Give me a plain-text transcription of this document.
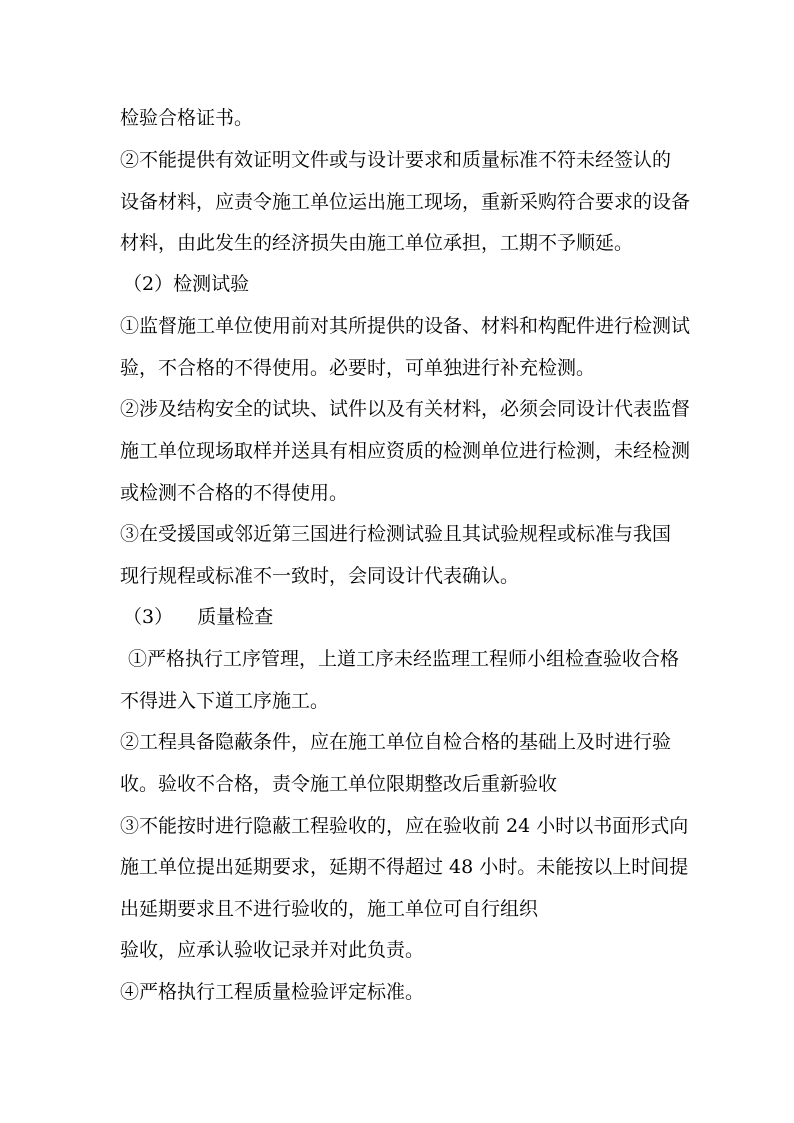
检验合格证书。
②不能提供有效证明文件或与设计要求和质量标准不符未经签认的
设备材料，应责令施工单位运出施工现场，重新采购符合要求的设备
材料，由此发生的经济损失由施工单位承担，工期不予顺延。
（2）检测试验
①监督施工单位使用前对其所提供的设备、材料和构配件进行检测试
验，不合格的不得使用。必要时，可单独进行补充检测。
②涉及结构安全的试块、试件以及有关材料，必须会同设计代表监督
施工单位现场取样并送具有相应资质的检测单位进行检测，未经检测
或检测不合格的不得使用。
③在受援国或邻近第三国进行检测试验且其试验规程或标准与我国
现行规程或标准不一致时，会同设计代表确认。
（3）    质量检查
①严格执行工序管理，上道工序未经监理工程师小组检查验收合格
不得进入下道工序施工。
②工程具备隐蔽条件，应在施工单位自检合格的基础上及时进行验
收。验收不合格，责令施工单位限期整改后重新验收
③不能按时进行隐蔽工程验收的，应在验收前 24 小时以书面形式向
施工单位提出延期要求，延期不得超过 48 小时。未能按以上时间提
出延期要求且不进行验收的，施工单位可自行组织
验收，应承认验收记录并对此负责。
④严格执行工程质量检验评定标准。
